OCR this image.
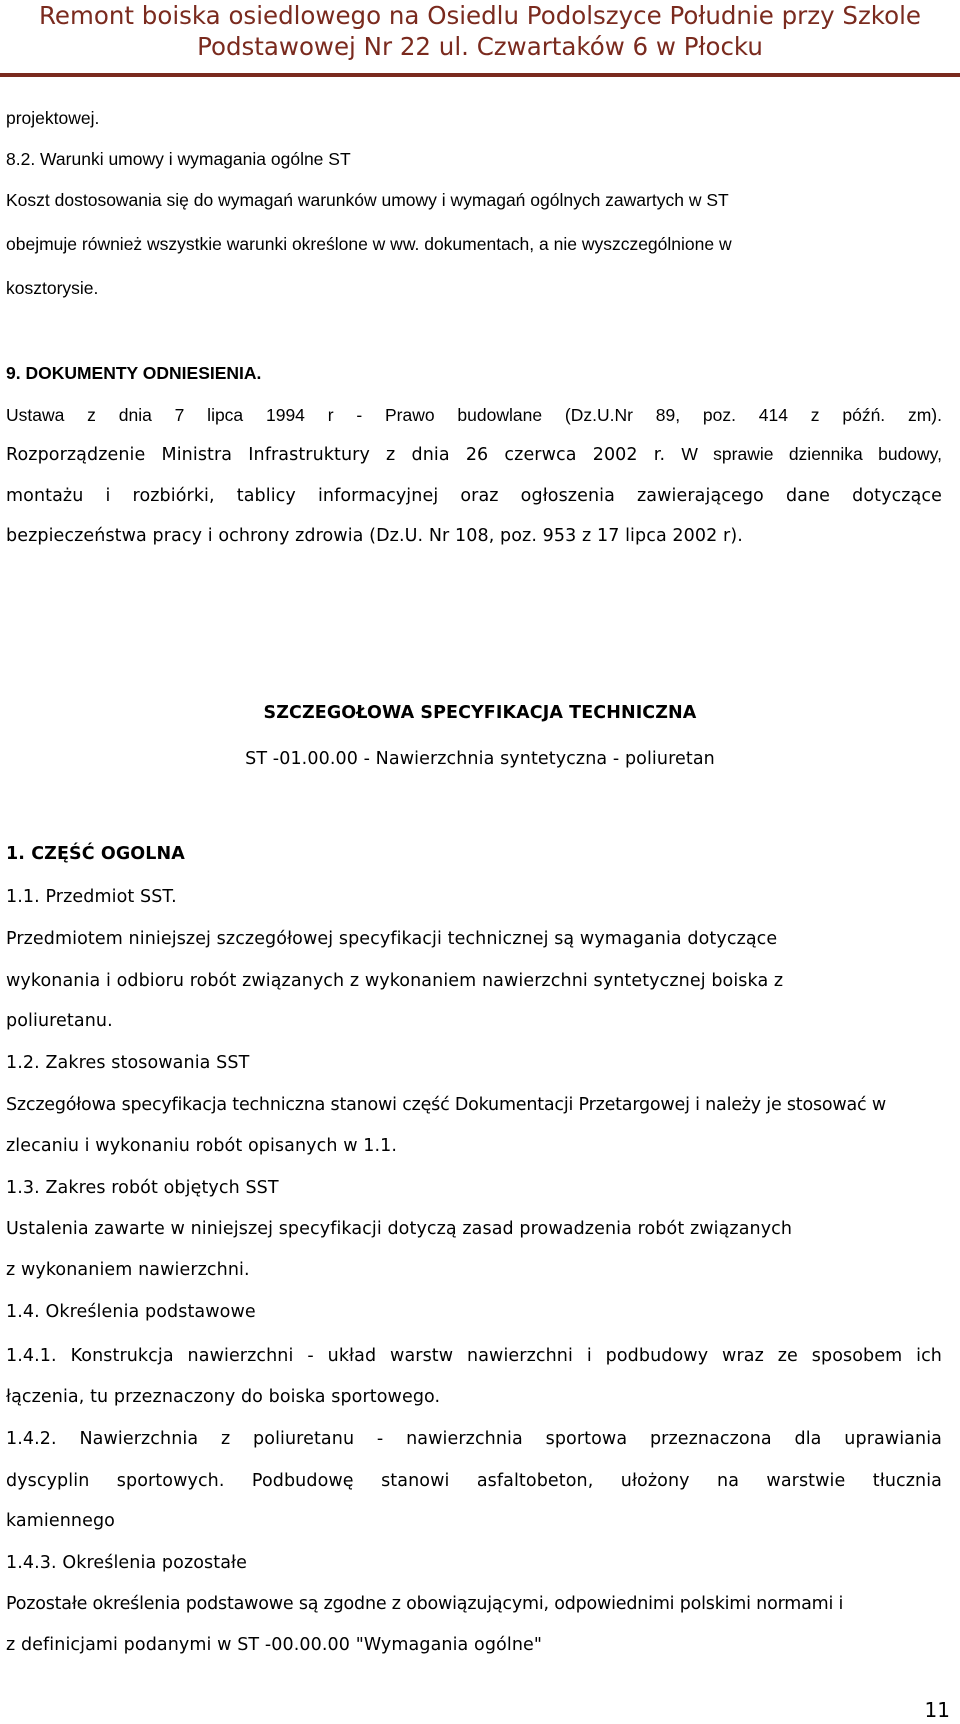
Remont boiska osiedlowego na Osiedlu Podolszyce Południe przy Szkole
Podstawowej Nr 22 ul. Czwartaków 6 w Płocku
projektowej.
8.2. Warunki umowy i wymagania ogólne ST
Koszt dostosowania się do wymagań warunków umowy i wymagań ogólnych zawartych w ST
obejmuje również wszystkie warunki określone w ww. dokumentach, a nie wyszczególnione w
kosztorysie.
9. DOKUMENTY ODNIESIENIA.
Ustawa z dnia 7 lipca 1994 r - Prawo budowlane (Dz.U.Nr 89, poz. 414 z późń. zm).
Rozporządzenie Ministra Infrastruktury z dnia 26 czerwca 2002 r. W sprawie dziennika budowy,
montażu i rozbiórki, tablicy informacyjnej oraz ogłoszenia zawierającego dane dotyczące
bezpieczeństwa pracy i ochrony zdrowia (Dz.U. Nr 108, poz. 953 z 17 lipca 2002 r).
SZCZEGOŁOWA SPECYFIKACJA TECHNICZNA
ST -01.00.00 - Nawierzchnia syntetyczna - poliuretan
1. CZĘŚĆ OGOLNA
1.1. Przedmiot SST.
Przedmiotem niniejszej szczegółowej specyfikacji technicznej są wymagania dotyczące
wykonania i odbioru robót związanych z wykonaniem nawierzchni syntetycznej boiska z
poliuretanu.
1.2. Zakres stosowania SST
Szczegółowa specyfikacja techniczna stanowi część Dokumentacji Przetargowej i należy je stosować w
zlecaniu i wykonaniu robót opisanych w 1.1.
1.3. Zakres robót objętych SST
Ustalenia zawarte w niniejszej specyfikacji dotyczą zasad prowadzenia robót związanych
z wykonaniem nawierzchni.
1.4. Określenia podstawowe
1.4.1. Konstrukcja nawierzchni - układ warstw nawierzchni i podbudowy wraz ze sposobem ich
łączenia, tu przeznaczony do boiska sportowego.
1.4.2. Nawierzchnia z poliuretanu - nawierzchnia sportowa przeznaczona dla uprawiania
dyscyplin sportowych. Podbudowę stanowi asfaltobeton, ułożony na warstwie tłucznia
kamiennego
1.4.3. Określenia pozostałe
Pozostałe określenia podstawowe są zgodne z obowiązującymi, odpowiednimi polskimi normami i
z definicjami podanymi w ST -00.00.00 "Wymagania ogólne"
11
